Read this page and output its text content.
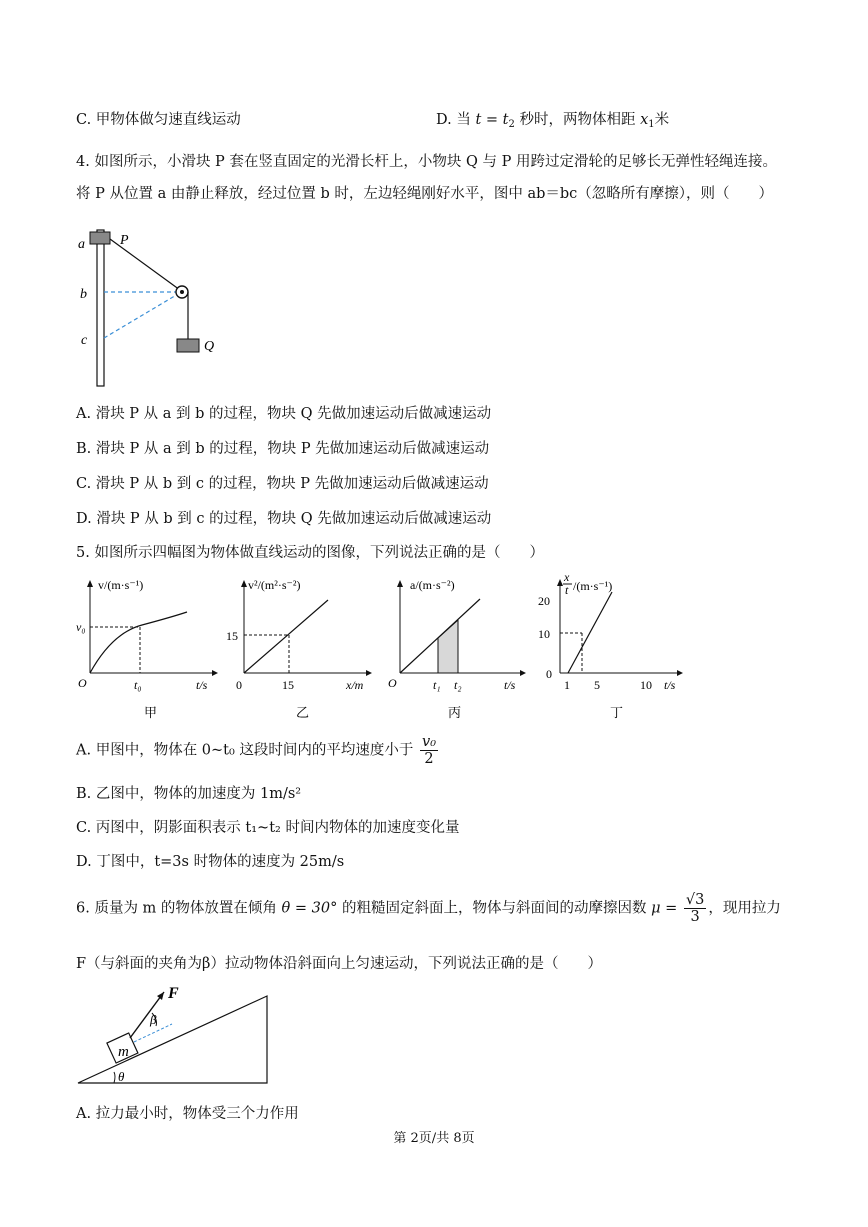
C. 甲物体做匀速直线运动	D. 当 $t = t_2$ 秒时，两物体相距 $x_1$米
4. 如图所示，小滑块 P 套在竖直固定的光滑长杆上，小物块 Q 与 P 用跨过定滑轮的足够长无弹性轻绳连接。
将 P 从位置 a 由静止释放，经过位置 b 时，左边轻绳刚好水平，图中 ab＝bc（忽略所有摩擦），则（　　）
a	P
b
c	Q
A. 滑块 P 从 a 到 b 的过程，物块 Q 先做加速运动后做减速运动
B. 滑块 P 从 a 到 b 的过程，物块 P 先做加速运动后做减速运动
C. 滑块 P 从 b 到 c 的过程，物块 P 先做加速运动后做减速运动
D. 滑块 P 从 b 到 c 的过程，物块 Q 先做加速运动后做减速运动
5. 如图所示四幅图为物体做直线运动的图像，下列说法正确的是（　　）
v/(m·s⁻¹)
v₀
O	t₀	t/s
甲
v²/(m²·s⁻²)
15
0	15	x/m
乙
a/(m·s⁻²)
O	t₁ t₂	t/s
丙
x
t /(m·s⁻¹)
20
10
0
1 5	10 t/s
丁
A. 甲图中，物体在 0~t₀ 这段时间内的平均速度小于 $\frac{\text{v₀}}{2}$
B. 乙图中，物体的加速度为 1m/s²
C. 丙图中，阴影面积表示 t₁~t₂ 时间内物体的加速度变化量
D. 丁图中，t=3s 时物体的速度为 25m/s
6. 质量为 m 的物体放置在倾角 θ = 30° 的粗糙固定斜面上，物体与斜面间的动摩擦因数 $\mu = \frac{√3}{3}$ ，现用拉力
F（与斜面的夹角为β）拉动物体沿斜面向上匀速运动，下列说法正确的是（　　）
F
β
m
θ
A. 拉力最小时，物体受三个力作用
第 2页/共 8页
